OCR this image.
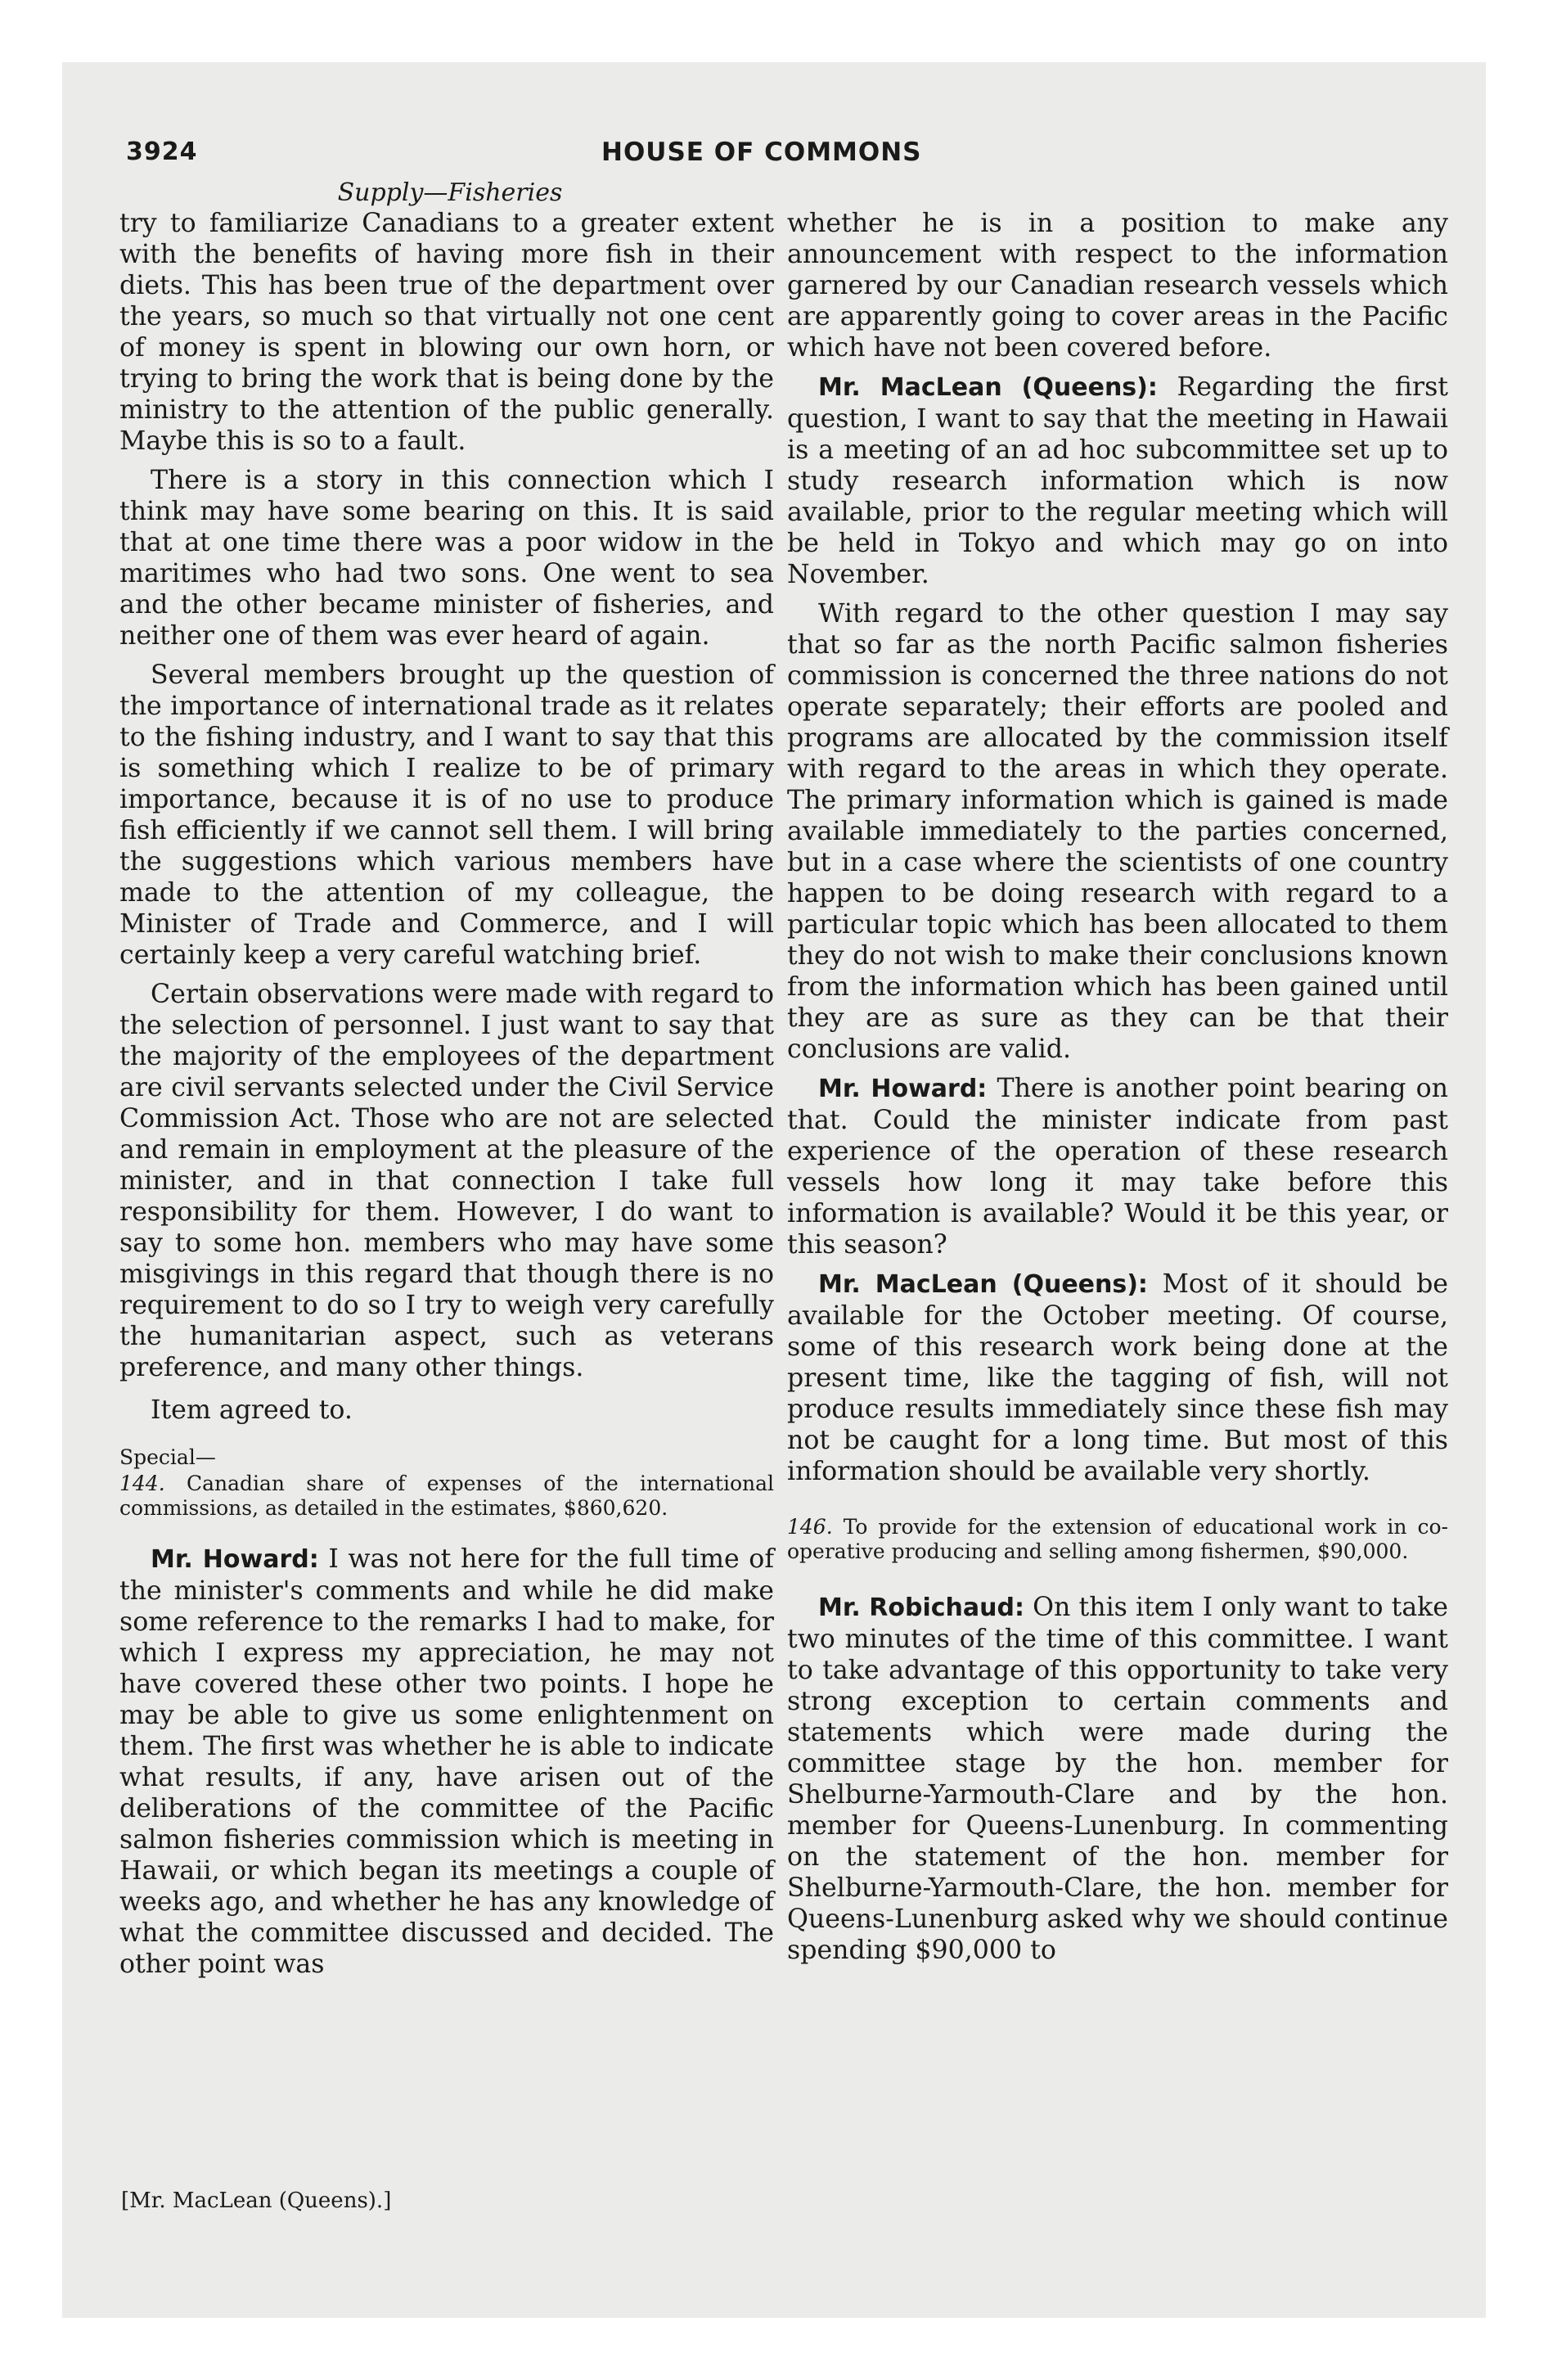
3924	HOUSE OF COMMONS
Supply—Fisheries

try to familiarize Canadians to a greater extent with the benefits of having more fish in their diets. This has been true of the department over the years, so much so that virtually not one cent of money is spent in blowing our own horn, or trying to bring the work that is being done by the ministry to the attention of the public generally. Maybe this is so to a fault.

There is a story in this connection which I think may have some bearing on this. It is said that at one time there was a poor widow in the maritimes who had two sons. One went to sea and the other became minister of fisheries, and neither one of them was ever heard of again.

Several members brought up the question of the importance of international trade as it relates to the fishing industry, and I want to say that this is something which I realize to be of primary importance, because it is of no use to produce fish efficiently if we cannot sell them. I will bring the suggestions which various members have made to the attention of my colleague, the Minister of Trade and Commerce, and I will certainly keep a very careful watching brief.

Certain observations were made with regard to the selection of personnel. I just want to say that the majority of the employees of the department are civil servants selected under the Civil Service Commission Act. Those who are not are selected and remain in employment at the pleasure of the minister, and in that connection I take full responsibility for them. However, I do want to say to some hon. members who may have some misgivings in this regard that though there is no requirement to do so I try to weigh very carefully the humanitarian aspect, such as veterans preference, and many other things.

Item agreed to.

Special—

144. Canadian share of expenses of the international commissions, as detailed in the estimates, $860,620.

Mr. Howard: I was not here for the full time of the minister's comments and while he did make some reference to the remarks I had to make, for which I express my appreciation, he may not have covered these other two points. I hope he may be able to give us some enlightenment on them. The first was whether he is able to indicate what results, if any, have arisen out of the deliberations of the committee of the Pacific salmon fisheries commission which is meeting in Hawaii, or which began its meetings a couple of weeks ago, and whether he has any knowledge of what the committee discussed and decided. The other point was

whether he is in a position to make any announcement with respect to the information garnered by our Canadian research vessels which are apparently going to cover areas in the Pacific which have not been covered before.

Mr. MacLean (Queens): Regarding the first question, I want to say that the meeting in Hawaii is a meeting of an ad hoc subcommittee set up to study research information which is now available, prior to the regular meeting which will be held in Tokyo and which may go on into November.

With regard to the other question I may say that so far as the north Pacific salmon fisheries commission is concerned the three nations do not operate separately; their efforts are pooled and programs are allocated by the commission itself with regard to the areas in which they operate. The primary information which is gained is made available immediately to the parties concerned, but in a case where the scientists of one country happen to be doing research with regard to a particular topic which has been allocated to them they do not wish to make their conclusions known from the information which has been gained until they are as sure as they can be that their conclusions are valid.

Mr. Howard: There is another point bearing on that. Could the minister indicate from past experience of the operation of these research vessels how long it may take before this information is available? Would it be this year, or this season?

Mr. MacLean (Queens): Most of it should be available for the October meeting. Of course, some of this research work being done at the present time, like the tagging of fish, will not produce results immediately since these fish may not be caught for a long time. But most of this information should be available very shortly.

146. To provide for the extension of educational work in co-operative producing and selling among fishermen, $90,000.

Mr. Robichaud: On this item I only want to take two minutes of the time of this committee. I want to take advantage of this opportunity to take very strong exception to certain comments and statements which were made during the committee stage by the hon. member for Shelburne-Yarmouth-Clare and by the hon. member for Queens-Lunenburg. In commenting on the statement of the hon. member for Shelburne-Yarmouth-Clare, the hon. member for Queens-Lunenburg asked why we should continue spending $90,000 to

[Mr. MacLean (Queens).]
